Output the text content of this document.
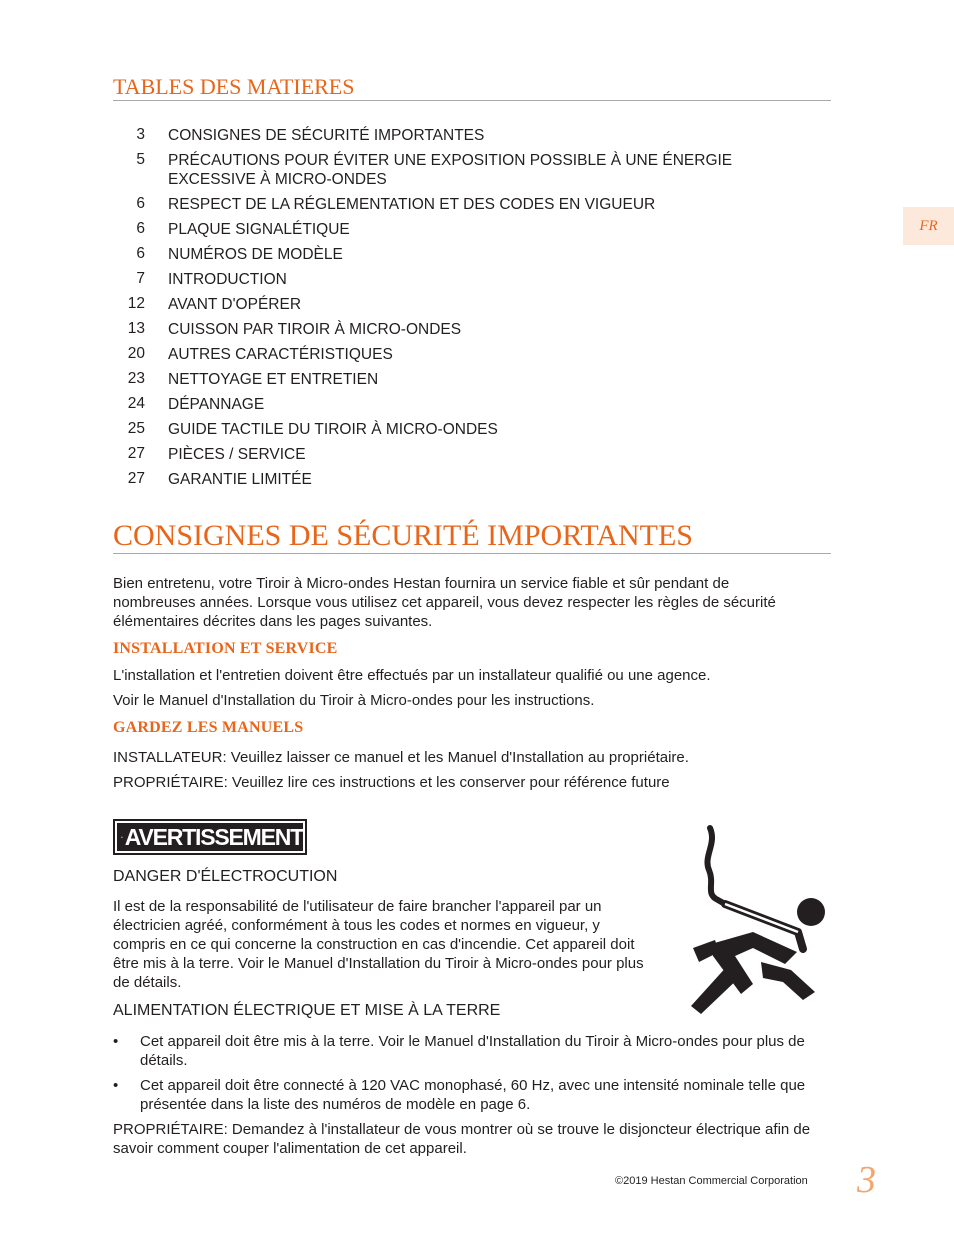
TABLES DES MATIERES
3 CONSIGNES DE SÉCURITÉ IMPORTANTES
5 PRÉCAUTIONS POUR ÉVITER UNE EXPOSITION POSSIBLE À UNE ÉNERGIE EXCESSIVE À MICRO-ONDES
6 RESPECT DE LA RÉGLEMENTATION ET DES CODES EN VIGUEUR
6 PLAQUE SIGNALÉTIQUE
6 NUMÉROS DE MODÈLE
7 INTRODUCTION
12 AVANT D'OPÉRER
13 CUISSON PAR TIROIR À MICRO-ONDES
20 AUTRES CARACTÉRISTIQUES
23 NETTOYAGE ET ENTRETIEN
24 DÉPANNAGE
25 GUIDE TACTILE DU TIROIR À MICRO-ONDES
27 PIÈCES / SERVICE
27 GARANTIE LIMITÉE
FR
CONSIGNES DE SÉCURITÉ IMPORTANTES
Bien entretenu, votre Tiroir à Micro-ondes Hestan fournira un service fiable et sûr pendant de nombreuses années. Lorsque vous utilisez cet appareil, vous devez respecter les règles de sécurité élémentaires décrites dans les pages suivantes.
INSTALLATION ET SERVICE
L'installation et l'entretien doivent être effectués par un installateur qualifié ou une agence.
Voir le Manuel d'Installation du Tiroir à Micro-ondes pour les instructions.
GARDEZ LES MANUELS
INSTALLATEUR: Veuillez laisser ce manuel et les Manuel d'Installation au propriétaire.
PROPRIÉTAIRE: Veuillez lire ces instructions et les conserver pour référence future
AVERTISSEMENT
DANGER D'ÉLECTROCUTION
Il est de la responsabilité de l'utilisateur de faire brancher l'appareil par un électricien agréé, conformément à tous les codes et normes en vigueur, y compris en ce qui concerne la construction en cas d'incendie. Cet appareil doit être mis à la terre. Voir le Manuel d'Installation du Tiroir à Micro-ondes pour plus de détails.
ALIMENTATION ÉLECTRIQUE ET MISE À LA TERRE
• Cet appareil doit être mis à la terre. Voir le Manuel d'Installation du Tiroir à Micro-ondes pour plus de détails.
• Cet appareil doit être connecté à 120 VAC monophasé, 60 Hz, avec une intensité nominale telle que présentée dans la liste des numéros de modèle en page 6.
PROPRIÉTAIRE: Demandez à l'installateur de vous montrer où se trouve le disjoncteur électrique afin de savoir comment couper l'alimentation de cet appareil.
©2019 Hestan Commercial Corporation 3
